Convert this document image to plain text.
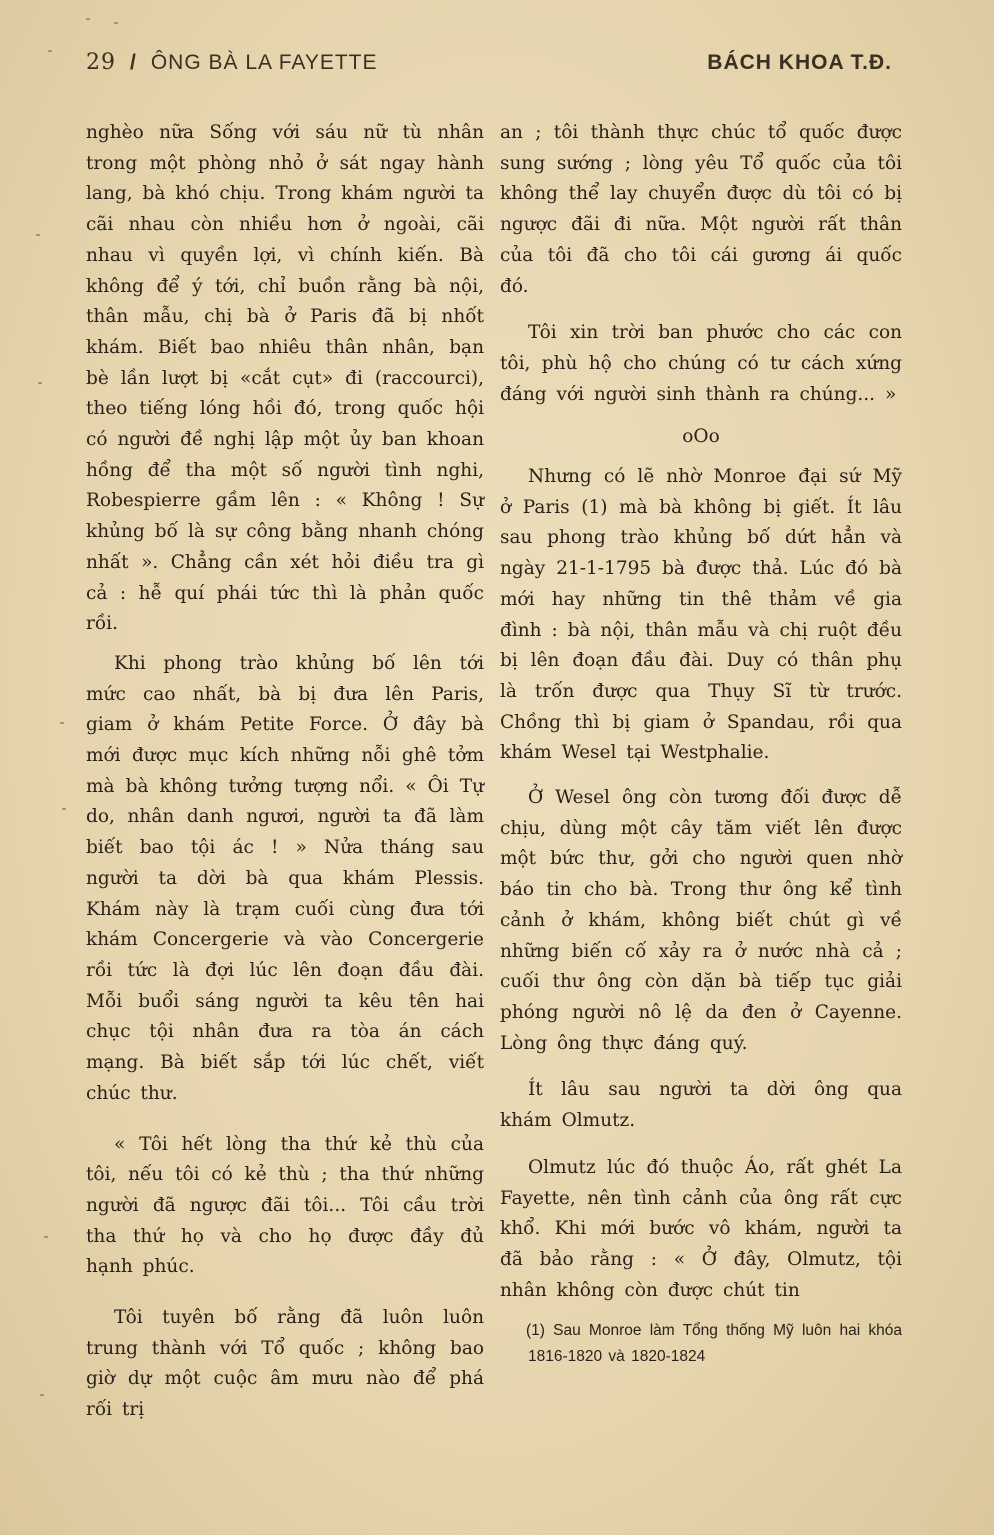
29 / ÔNG BÀ LA FAYETTE	BÁCH KHOA T.Đ.

nghèo nữa Sống với sáu nữ tù nhân trong một phòng nhỏ ở sát ngay hành lang, bà khó chịu. Trong khám người ta cãi nhau còn nhiều hơn ở ngoài, cãi nhau vì quyền lợi, vì chính kiến. Bà không để ý tới, chỉ buồn rằng bà nội, thân mẫu, chị bà ở Paris đã bị nhốt khám. Biết bao nhiêu thân nhân, bạn bè lần lượt bị «cắt cụt» đi (raccourci), theo tiếng lóng hồi đó, trong quốc hội có người đề nghị lập một ủy ban khoan hồng để tha một số người tình nghi, Robespierre gầm lên : « Không ! Sự khủng bố là sự công bằng nhanh chóng nhất ». Chẳng cần xét hỏi điều tra gì cả : hễ quí phái tức thì là phản quốc rồi.

Khi phong trào khủng bố lên tới mức cao nhất, bà bị đưa lên Paris, giam ở khám Petite Force. Ở đây bà mới được mục kích những nỗi ghê tởm mà bà không tưởng tượng nổi. « Ôi Tự do, nhân danh ngươi, người ta đã làm biết bao tội ác ! » Nửa tháng sau người ta dời bà qua khám Plessis. Khám này là trạm cuối cùng đưa tới khám Concergerie và vào Concergerie rồi tức là đợi lúc lên đoạn đầu đài. Mỗi buổi sáng người ta kêu tên hai chục tội nhân đưa ra tòa án cách mạng. Bà biết sắp tới lúc chết, viết chúc thư.

« Tôi hết lòng tha thứ kẻ thù của tôi, nếu tôi có kẻ thù ; tha thứ những người đã ngược đãi tôi... Tôi cầu trời tha thứ họ và cho họ được đầy đủ hạnh phúc.

Tôi tuyên bố rằng đã luôn luôn trung thành với Tổ quốc ; không bao giờ dự một cuộc âm mưu nào để phá rối trị

an ; tôi thành thực chúc tổ quốc được sung sướng ; lòng yêu Tổ quốc của tôi không thể lay chuyển được dù tôi có bị ngược đãi đi nữa. Một người rất thân của tôi đã cho tôi cái gương ái quốc đó.

Tôi xin trời ban phước cho các con tôi, phù hộ cho chúng có tư cách xứng đáng với người sinh thành ra chúng... »

oOo

Nhưng có lẽ nhờ Monroe đại sứ Mỹ ở Paris (1) mà bà không bị giết. Ít lâu sau phong trào khủng bố dứt hẳn và ngày 21-1-1795 bà được thả. Lúc đó bà mới hay những tin thê thảm về gia đình : bà nội, thân mẫu và chị ruột đều bị lên đoạn đầu đài. Duy có thân phụ là trốn được qua Thụy Sĩ từ trước. Chồng thì bị giam ở Spandau, rồi qua khám Wesel tại Westphalie.

Ở Wesel ông còn tương đối được dễ chịu, dùng một cây tăm viết lên được một bức thư, gởi cho người quen nhờ báo tin cho bà. Trong thư ông kể tình cảnh ở khám, không biết chút gì về những biến cố xảy ra ở nước nhà cả ; cuối thư ông còn dặn bà tiếp tục giải phóng người nô lệ da đen ở Cayenne. Lòng ông thực đáng quý.

Ít lâu sau người ta dời ông qua khám Olmutz.

Olmutz lúc đó thuộc Áo, rất ghét La Fayette, nên tình cảnh của ông rất cực khổ. Khi mới bước vô khám, người ta đã bảo rằng : « Ở đây, Olmutz, tội nhân không còn được chút tin

(1) Sau Monroe làm Tổng thống Mỹ luôn hai khóa 1816-1820 và 1820-1824
